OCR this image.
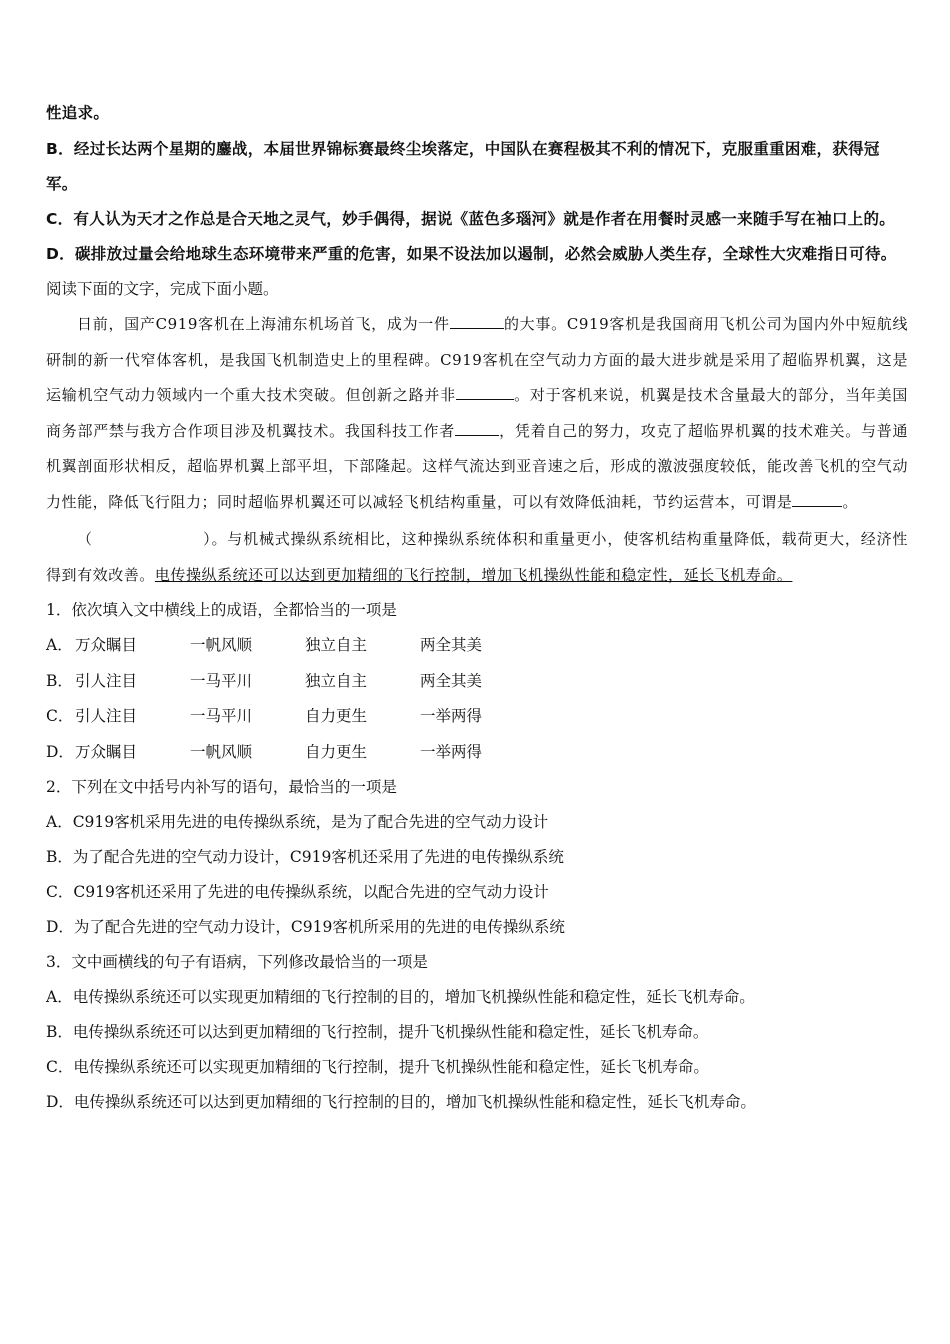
性追求。
B．经过长达两个星期的鏖战，本届世界锦标赛最终尘埃落定，中国队在赛程极其不利的情况下，克服重重困难，获得冠军。
C．有人认为天才之作总是合天地之灵气，妙手偶得，据说《蓝色多瑙河》就是作者在用餐时灵感一来随手写在袖口上的。
D．碳排放过量会给地球生态环境带来严重的危害，如果不设法加以遏制，必然会威胁人类生存，全球性大灾难指日可待。
阅读下面的文字，完成下面小题。
日前，国产C919客机在上海浦东机场首飞，成为一件	的大事。C919客机是我国商用飞机公司为国内外中短航线研制的新一代窄体客机，是我国飞机制造史上的里程碑。C919客机在空气动力方面的最大进步就是采用了超临界机翼，这是运输机空气动力领域内一个重大技术突破。但创新之路并非	。对于客机来说，机翼是技术含量最大的部分，当年美国商务部严禁与我方合作项目涉及机翼技术。我国科技工作者	，凭着自己的努力，攻克了超临界机翼的技术难关。与普通机翼剖面形状相反，超临界机翼上部平坦，下部隆起。这样气流达到亚音速之后，形成的激波强度较低，能改善飞机的空气动力性能，降低飞行阻力；同时超临界机翼还可以减轻飞机结构重量，可以有效降低油耗，节约运营本，可谓是	。
（	）。与机械式操纵系统相比，这种操纵系统体积和重量更小，使客机结构重量降低，载荷更大，经济性得到有效改善。电传操纵系统还可以达到更加精细的飞行控制，增加飞机操纵性能和稳定性，延长飞机寿命。
1．依次填入文中横线上的成语，全都恰当的一项是
A． 万众瞩目	一帆风顺	独立自主	两全其美
B． 引人注目	一马平川	独立自主	两全其美
C． 引人注目	一马平川	自力更生	一举两得
D．万众瞩目	一帆风顺	自力更生	一举两得
2．下列在文中括号内补写的语句，最恰当的一项是
A．C919客机采用先进的电传操纵系统，是为了配合先进的空气动力设计
B．为了配合先进的空气动力设计，C919客机还采用了先进的电传操纵系统
C．C919客机还采用了先进的电传操纵系统，以配合先进的空气动力设计
D．为了配合先进的空气动力设计，C919客机所采用的先进的电传操纵系统
3．文中画横线的句子有语病，下列修改最恰当的一项是
A．电传操纵系统还可以实现更加精细的飞行控制的目的，增加飞机操纵性能和稳定性，延长飞机寿命。
B．电传操纵系统还可以达到更加精细的飞行控制，提升飞机操纵性能和稳定性，延长飞机寿命。
C．电传操纵系统还可以实现更加精细的飞行控制，提升飞机操纵性能和稳定性，延长飞机寿命。
D．电传操纵系统还可以达到更加精细的飞行控制的目的，增加飞机操纵性能和稳定性，延长飞机寿命。
